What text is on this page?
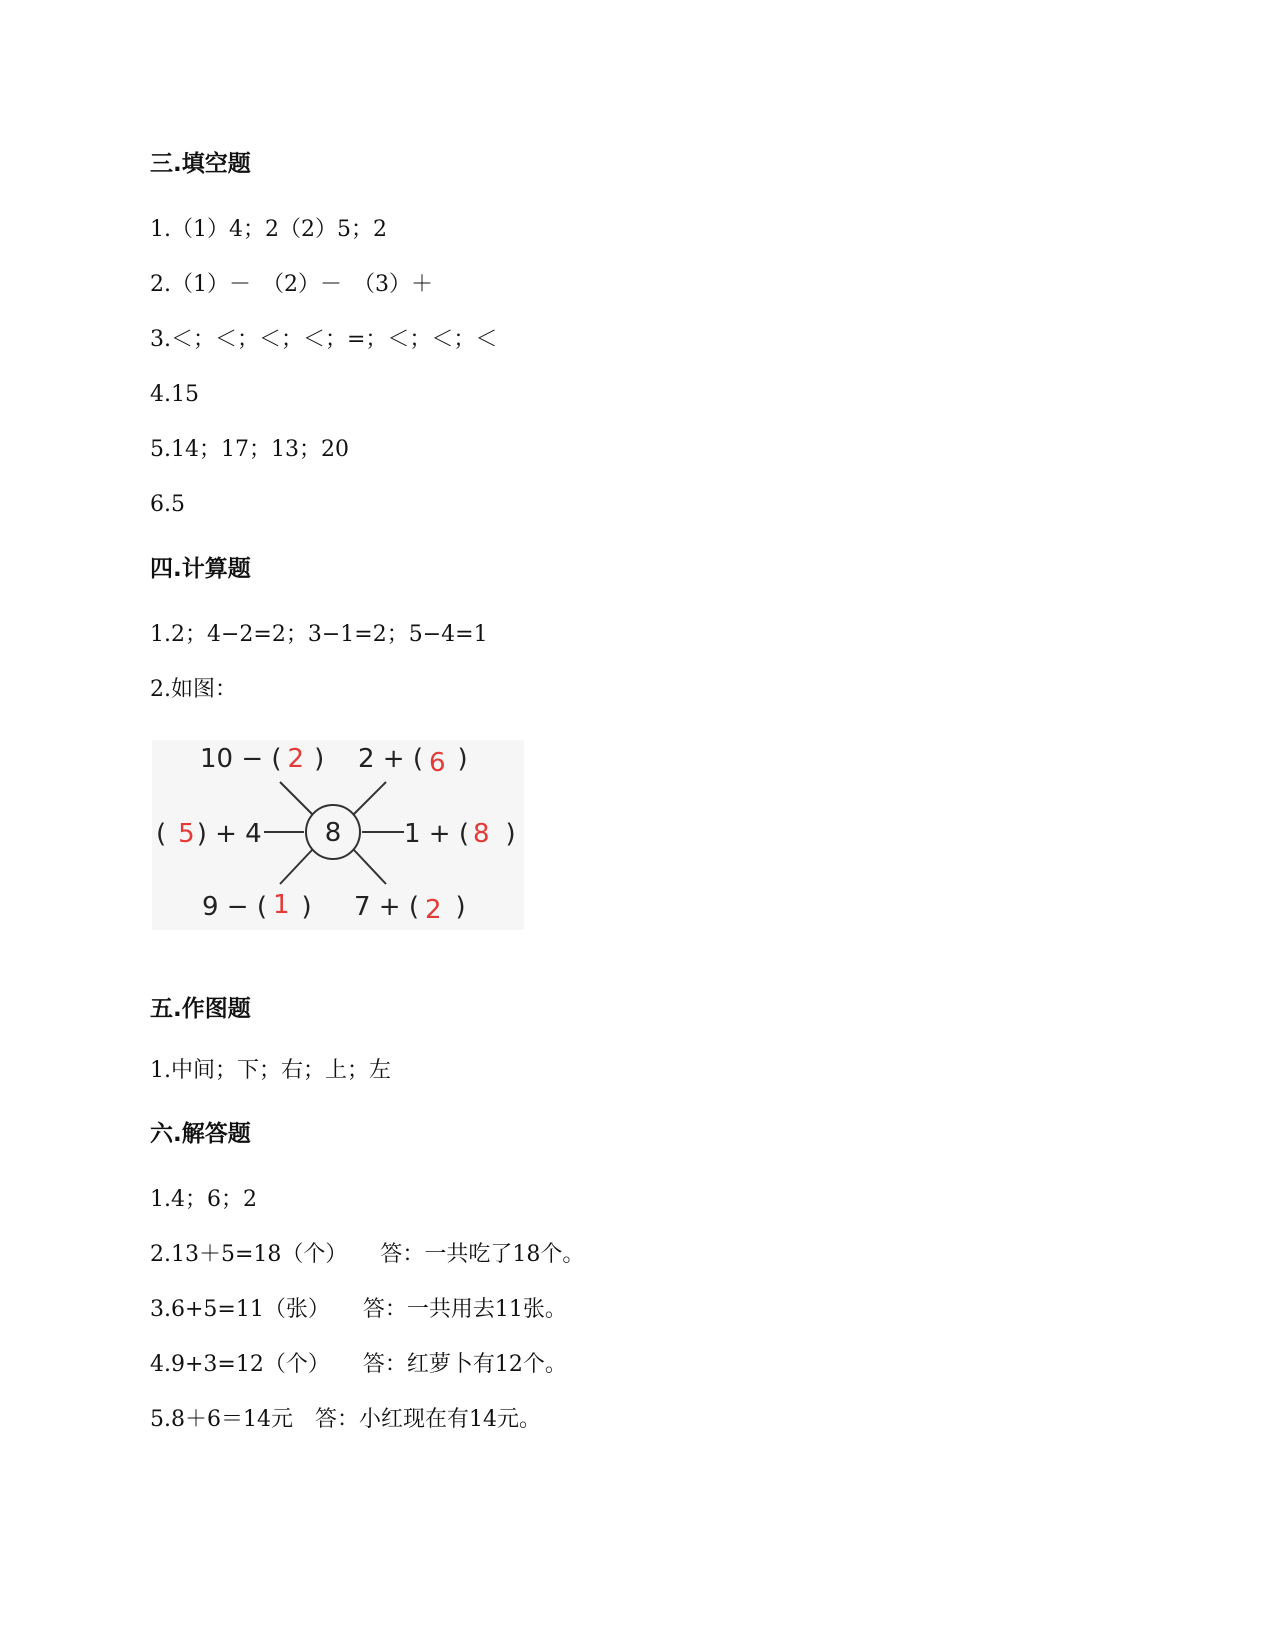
三.填空题
1.（1）4；2（2）5；2
2.（1）－　（2）－　（3）＋
3.＜；＜；＜；＜；=；＜；＜；＜
4.15
5.14；17；13；20
6.5
四.计算题
1.2；4−2=2；3−1=2；5−4=1
2.如图：
8
10 − ( 2 ) 2 + ( 6 )
( 5) + 4	1 + ( 8 )
9 − ( 1 ) 7 + ( 2 )
五.作图题
1.中间；下；右；上；左
六.解答题
1.4；6；2
2.13＋5=18（个）　　答：一共吃了18个。
3.6+5=11（张）　　答：一共用去11张。
4.9+3=12（个）　　答：红萝卜有12个。
5.8＋6＝14元　答：小红现在有14元。
